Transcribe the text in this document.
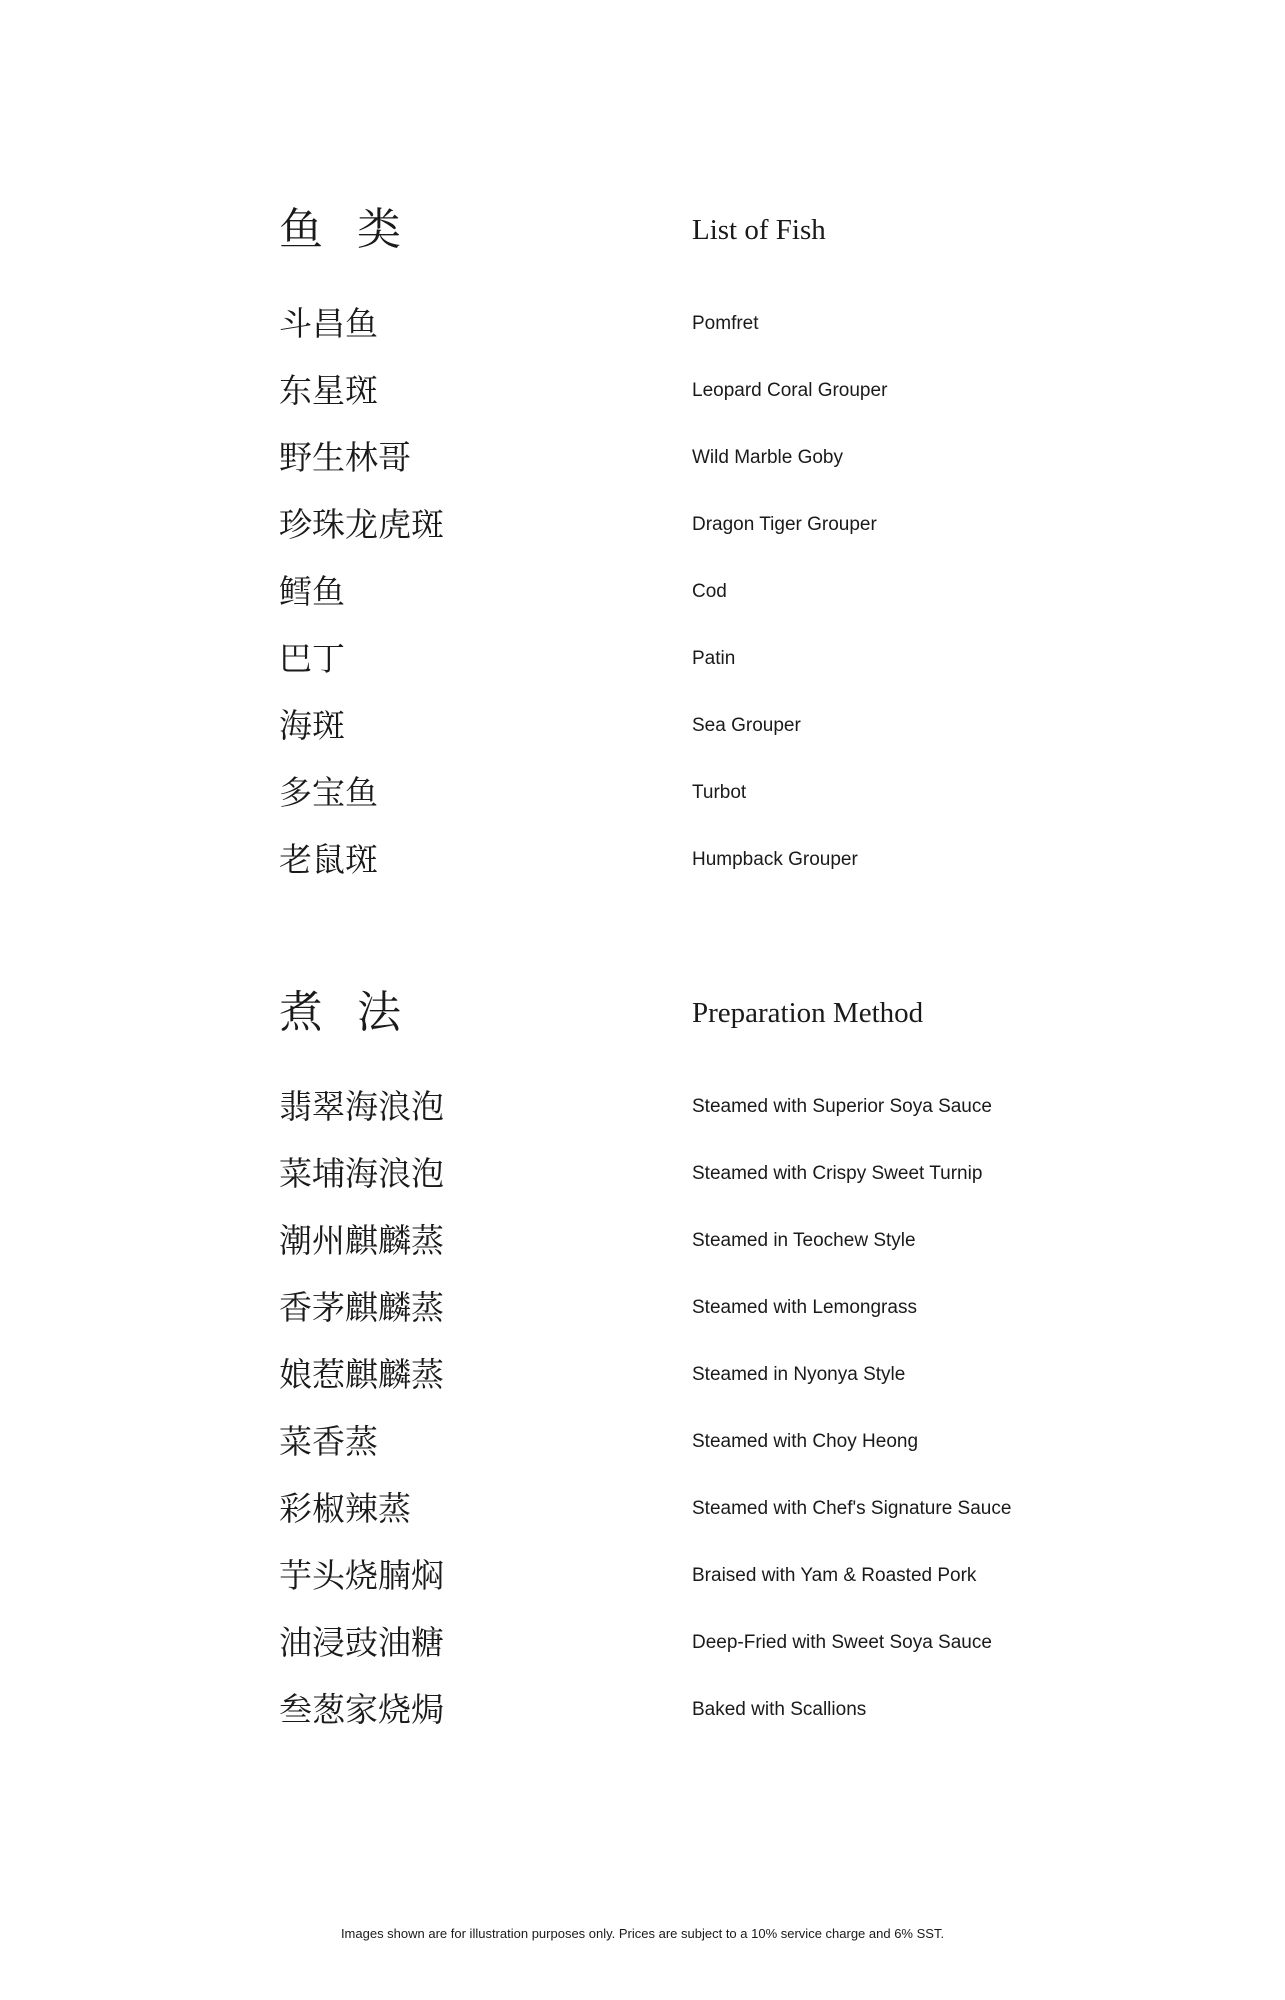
鱼 类	List of Fish
斗昌鱼	Pomfret
东星斑	Leopard Coral Grouper
野生林哥	Wild Marble Goby
珍珠龙虎斑	Dragon Tiger Grouper
鳕鱼	Cod
巴丁	Patin
海斑	Sea Grouper
多宝鱼	Turbot
老鼠斑	Humpback Grouper
煮 法	Preparation Method
翡翠海浪泡	Steamed with Superior Soya Sauce
菜埔海浪泡	Steamed with Crispy Sweet Turnip
潮州麒麟蒸	Steamed in Teochew Style
香茅麒麟蒸	Steamed with Lemongrass
娘惹麒麟蒸	Steamed in Nyonya Style
菜香蒸	Steamed with Choy Heong
彩椒辣蒸	Steamed with Chef's Signature Sauce
芋头烧腩焖	Braised with Yam & Roasted Pork
油浸豉油糖	Deep-Fried with Sweet Soya Sauce
叁葱家烧焗	Baked with Scallions
Images shown are for illustration purposes only. Prices are subject to a 10% service charge and 6% SST.
